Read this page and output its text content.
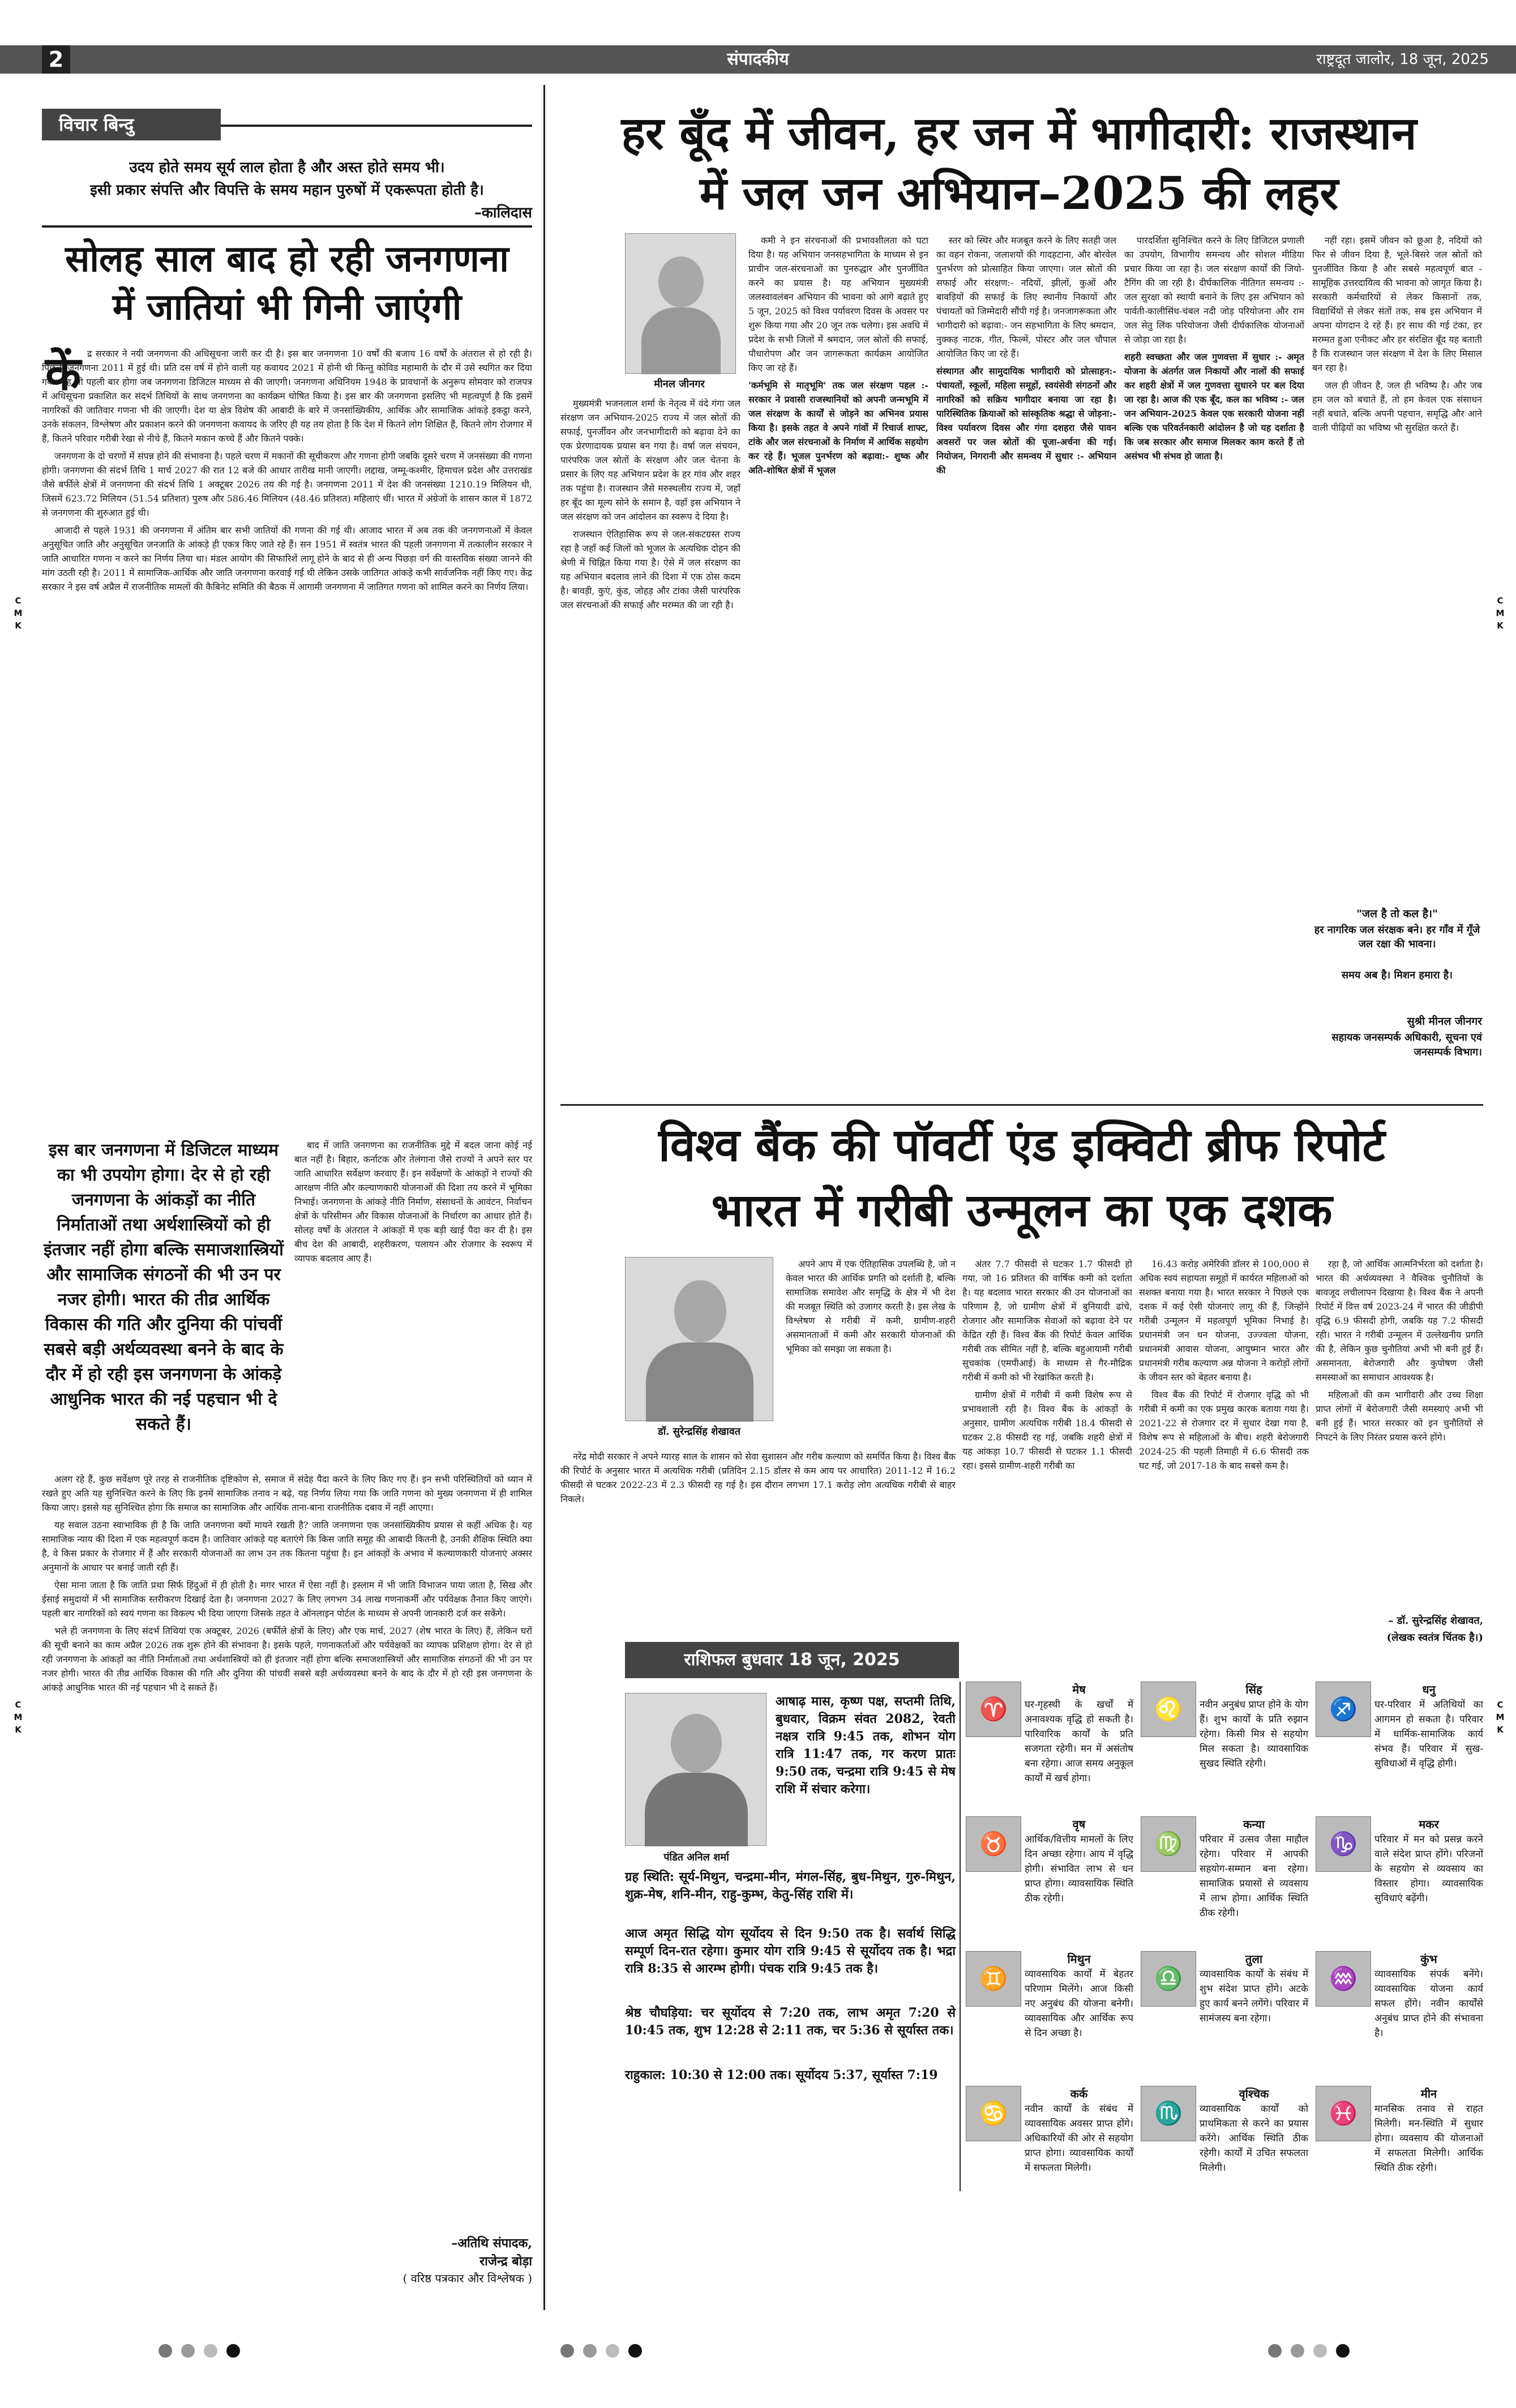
2	संपादकीय	राष्ट्रदूत जालोर, 18 जून, 2025
विचार बिन्दु
उदय होते समय सूर्य लाल होता है और अस्त होते समय भी।
इसी प्रकार संपत्ति और विपत्ति के समय महान पुरुषों में एकरूपता होती है।
–कालिदास
सोलह साल बाद हो रही जनगणना
में जातियां भी गिनी जाएंगी
कें द्र सरकार ने नयी जनगणना की अधिसूचना जारी कर दी है। इस बार जनगणना 10 वर्षों की बजाय 16 वर्षों के अंतराल से हो रही है। पिछली जनगणना 2011 में हुई थी। प्रति दस वर्ष में होने वाली यह कवायद 2021 में होनी थी किन्तु कोविड महामारी के दौर में उसे स्थगित कर दिया गया। यह भी पहली बार होगा जब जनगणना डिजिटल माध्यम से की जाएगी। जनगणना अधिनियम 1948 के प्रावधानों के अनुरूप सोमवार को राजपत्र में अधिसूचना प्रकाशित कर संदर्भ तिथियों के साथ जनगणना का कार्यक्रम घोषित किया है। इस बार की जनगणना इसलिए भी महत्वपूर्ण है कि इसमें नागरिकों की जातिवार गणना भी की जाएगी। देश या क्षेत्र विशेष की आबादी के बारे में जनसांख्यिकीय, आर्थिक और सामाजिक आंकड़े इकट्ठा करने, उनके संकलन, विश्लेषण और प्रकाशन करने की जनगणना कवायद के जरिए ही यह तय होता है कि देश में कितने लोग शिक्षित हैं, कितने लोग रोजगार में हैं, कितने परिवार गरीबी रेखा से नीचे हैं, कितने मकान कच्चे हैं और कितने पक्के।

जनगणना के दो चरणों में संपन्न होने की संभावना है। पहले चरण में मकानों की सूचीकरण और गणना होगी जबकि दूसरे चरण में जनसंख्या की गणना होगी। जनगणना की संदर्भ तिथि 1 मार्च 2027 की रात 12 बजे की आधार तारीख मानी जाएगी। लद्दाख, जम्मू-कश्मीर, हिमाचल प्रदेश और उत्तराखंड जैसे बर्फीले क्षेत्रों में जनगणना की संदर्भ तिथि 1 अक्टूबर 2026 तय की गई है। जनगणना 2011 में देश की जनसंख्या 1210.19 मिलियन थी, जिसमें 623.72 मिलियन (51.54 प्रतिशत) पुरुष और 586.46 मिलियन (48.46 प्रतिशत) महिलाएं थीं। भारत में अंग्रेजों के शासन काल में 1872 से जनगणना की शुरुआत हुई थी।

आजादी से पहले 1931 की जनगणना में अंतिम बार सभी जातियों की गणना की गई थी। आजाद भारत में अब तक की जनगणनाओं में केवल अनुसूचित जाति और अनुसूचित जनजाति के आंकड़े ही एकत्र किए जाते रहे हैं। सन 1951 में स्वतंत्र भारत की पहली जनगणना में तत्कालीन सरकार ने जाति आधारित गणना न करने का निर्णय लिया था। मंडल आयोग की सिफारिशें लागू होने के बाद से ही अन्य पिछड़ा वर्ग की वास्तविक संख्या जानने की मांग उठती रही है। 2011 में सामाजिक-आर्थिक और जाति जनगणना करवाई गई थी लेकिन उसके जातिगत आंकड़े कभी सार्वजनिक नहीं किए गए। केंद्र सरकार ने इस वर्ष अप्रैल में राजनीतिक मामलों की कैबिनेट समिति की बैठक में आगामी जनगणना में जातिगत गणना को शामिल करने का निर्णय लिया।

इस बार जनगणना में डिजिटल माध्यम का भी उपयोग होगा। देर से हो रही जनगणना के आंकड़ों का नीति निर्माताओं तथा अर्थशास्त्रियों को ही इंतजार नहीं होगा बल्कि समाजशास्त्रियों और सामाजिक संगठनों की भी उन पर नजर होगी। भारत की तीव्र आर्थिक विकास की गति और दुनिया की पांचवीं सबसे बड़ी अर्थव्यवस्था बनने के बाद के दौर में हो रही इस जनगणना के आंकड़े आधुनिक भारत की नई पहचान भी दे सकते हैं।

बाद में जाति जनगणना का राजनीतिक मुद्दे में बदल जाना कोई नई बात नहीं है। बिहार, कर्नाटक और तेलंगाना जैसे राज्यों ने अपने स्तर पर जाति आधारित सर्वेक्षण करवाए हैं। इन सर्वेक्षणों के आंकड़ों ने राज्यों की आरक्षण नीति और कल्याणकारी योजनाओं की दिशा तय करने में भूमिका निभाई। जनगणना के आंकड़े नीति निर्माण, संसाधनों के आवंटन, निर्वाचन क्षेत्रों के परिसीमन और विकास योजनाओं के निर्धारण का आधार होते हैं। सोलह वर्षों के अंतराल ने आंकड़ों में एक बड़ी खाई पैदा कर दी है। इस बीच देश की आबादी, शहरीकरण, पलायन और रोजगार के स्वरूप में व्यापक बदलाव आए हैं।

अलग रहे हैं, कुछ सर्वेक्षण पूरे तरह से राजनीतिक दृष्टिकोण से, समाज में संदेह पैदा करने के लिए किए गए हैं। इन सभी परिस्थितियों को ध्यान में रखते हुए अति यह सुनिश्चित करने के लिए कि इनमें सामाजिक तनाव न बढ़े, यह निर्णय लिया गया कि जाति गणना को मुख्य जनगणना में ही शामिल किया जाए। इससे यह सुनिश्चित होगा कि समाज का सामाजिक और आर्थिक ताना-बाना राजनीतिक दबाव में नहीं आएगा।

यह सवाल उठना स्वाभाविक ही है कि जाति जनगणना क्यों मायने रखती है? जाति जनगणना एक जनसांख्यिकीय प्रयास से कहीं अधिक है। यह सामाजिक न्याय की दिशा में एक महत्वपूर्ण कदम है। जातिवार आंकड़े यह बताएंगे कि किस जाति समूह की आबादी कितनी है, उनकी शैक्षिक स्थिति क्या है, वे किस प्रकार के रोजगार में हैं और सरकारी योजनाओं का लाभ उन तक कितना पहुंचा है। इन आंकड़ों के अभाव में कल्याणकारी योजनाएं अक्सर अनुमानों के आधार पर बनाई जाती रही हैं।

ऐसा माना जाता है कि जाति प्रथा सिर्फ हिंदुओं में ही होती है। मगर भारत में ऐसा नहीं है। इस्लाम में भी जाति विभाजन पाया जाता है, सिख और ईसाई समुदायों में भी सामाजिक स्तरीकरण दिखाई देता है। जनगणना 2027 के लिए लगभग 34 लाख गणनाकर्मी और पर्यवेक्षक तैनात किए जाएंगे। पहली बार नागरिकों को स्वयं गणना का विकल्प भी दिया जाएगा जिसके तहत वे ऑनलाइन पोर्टल के माध्यम से अपनी जानकारी दर्ज कर सकेंगे।

भले ही जनगणना के लिए संदर्भ तिथियां एक अक्टूबर, 2026 (बर्फीले क्षेत्रों के लिए) और एक मार्च, 2027 (शेष भारत के लिए) हैं, लेकिन घरों की सूची बनाने का काम अप्रैल 2026 तक शुरू होने की संभावना है। इसके पहले, गणनाकर्ताओं और पर्यवेक्षकों का व्यापक प्रशिक्षण होगा। देर से हो रही जनगणना के आंकड़ों का नीति निर्माताओं तथा अर्थशास्त्रियों को ही इंतजार नहीं होगा बल्कि समाजशास्त्रियों और सामाजिक संगठनों की भी उन पर नजर होगी। भारत की तीव्र आर्थिक विकास की गति और दुनिया की पांचवीं सबसे बड़ी अर्थव्यवस्था बनने के बाद के दौर में हो रही इस जनगणना के आंकड़े आधुनिक भारत की नई पहचान भी दे सकते हैं।

–अतिथि संपादक,
राजेन्द्र बोड़ा
( वरिष्ठ पत्रकार और विश्लेषक )
हर बूँद में जीवन, हर जन में भागीदारी: राजस्थान
में जल जन अभियान–2025 की लहर
मीनल जीनगर

मुख्यमंत्री भजनलाल शर्मा के नेतृत्व में वंदे गंगा जल संरक्षण जन अभियान-2025 राज्य में जल स्रोतों की सफाई, पुनर्जीवन और जनभागीदारी को बढ़ावा देने का एक प्रेरणादायक प्रयास बन गया है। वर्षा जल संचयन, पारंपरिक जल स्रोतों के संरक्षण और जल चेतना के प्रसार के लिए यह अभियान प्रदेश के हर गांव और शहर तक पहुंचा है। राजस्थान जैसे मरुस्थलीय राज्य में, जहाँ हर बूँद का मूल्य सोने के समान है, वहाँ इस अभियान ने जल संरक्षण को जन आंदोलन का स्वरूप दे दिया है।

राजस्थान ऐतिहासिक रूप से जल-संकटग्रस्त राज्य रहा है जहाँ कई जिलों को भूजल के अत्यधिक दोहन की श्रेणी में चिह्नित किया गया है। ऐसे में जल संरक्षण का यह अभियान बदलाव लाने की दिशा में एक ठोस कदम है। बावड़ी, कुएं, कुंड, जोहड़ और टांका जैसी पारंपरिक जल संरचनाओं की सफाई और मरम्मत की जा रही है।

कमी ने इन संरचनाओं की प्रभावशीलता को घटा दिया है। यह अभियान जनसहभागिता के माध्यम से इन प्राचीन जल-संरचनाओं का पुनरुद्धार और पुनर्जीवित करने का प्रयास है। यह अभियान मुख्यमंत्री जलस्वावलंबन अभियान की भावना को आगे बढ़ाते हुए 5 जून, 2025 को विश्व पर्यावरण दिवस के अवसर पर शुरू किया गया और 20 जून तक चलेगा। इस अवधि में प्रदेश के सभी जिलों में श्रमदान, जल स्रोतों की सफाई, पौधारोपण और जन जागरूकता कार्यक्रम आयोजित किए जा रहे हैं।

'कर्मभूमि से मातृभूमि' तक जल संरक्षण पहल :- सरकार ने प्रवासी राजस्थानियों को अपनी जन्मभूमि में जल संरक्षण के कार्यों से जोड़ने का अभिनव प्रयास किया है। इसके तहत वे अपने गांवों में रिचार्ज शाफ्ट, टांके और जल संरचनाओं के निर्माण में आर्थिक सहयोग कर रहे हैं। भूजल पुनर्भरण को बढ़ावा:- शुष्क और अति-शोषित क्षेत्रों में भूजल

स्तर को स्थिर और मजबूत करने के लिए सतही जल का वहन रोकना, जलाशयों की गादहटाना, और बोरवेल पुनर्भरण को प्रोत्साहित किया जाएगा। जल स्रोतों की सफाई और संरक्षण:- नदियों, झीलों, कुओं और बावड़ियों की सफाई के लिए स्थानीय निकायों और पंचायतों को जिम्मेदारी सौंपी गई है। जनजागरूकता और भागीदारी को बढ़ावा:- जन सहभागिता के लिए श्रमदान, नुक्कड़ नाटक, गीत, फिल्में, पोस्टर और जल चौपाल आयोजित किए जा रहे हैं।

संस्थागत और सामुदायिक भागीदारी को प्रोत्साहन:- पंचायतों, स्कूलों, महिला समूहों, स्वयंसेवी संगठनों और नागरिकों को सक्रिय भागीदार बनाया जा रहा है। पारिस्थितिक क्रियाओं को सांस्कृतिक श्रद्धा से जोड़ना:- विश्व पर्यावरण दिवस और गंगा दशहरा जैसे पावन अवसरों पर जल स्रोतों की पूजा-अर्चना की गई। नियोजन, निगरानी और समन्वय में सुधार :- अभियान की

पारदर्शिता सुनिश्चित करने के लिए डिजिटल प्रणाली का उपयोग, विभागीय समन्वय और सोशल मीडिया प्रचार किया जा रहा है। जल संरक्षण कार्यों की जियो-टैगिंग की जा रही है। दीर्घकालिक नीतिगत समन्वय :- जल सुरक्षा को स्थायी बनाने के लिए इस अभियान को पार्वती-कालीसिंध-चंबल नदी जोड़ परियोजना और राम जल सेतु लिंक परियोजना जैसी दीर्घकालिक योजनाओं से जोड़ा जा रहा है।

शहरी स्वच्छता और जल गुणवत्ता में सुधार :- अमृत योजना के अंतर्गत जल निकायों और नालों की सफाई कर शहरी क्षेत्रों में जल गुणवत्ता सुधारने पर बल दिया जा रहा है। आज की एक बूँद, कल का भविष्य :- जल जन अभियान-2025 केवल एक सरकारी योजना नहीं बल्कि एक परिवर्तनकारी आंदोलन है जो यह दर्शाता है कि जब सरकार और समाज मिलकर काम करते हैं तो असंभव भी संभव हो जाता है।

नहीं रहा। इसमें जीवन को छूआ है, नदियों को फिर से जीवन दिया है, भूले-बिसरे जल स्रोतों को पुनर्जीवित किया है और सबसे महत्वपूर्ण बात - सामूहिक उत्तरदायित्व की भावना को जागृत किया है। सरकारी कर्मचारियों से लेकर किसानों तक, विद्यार्थियों से लेकर संतों तक, सब इस अभियान में अपना योगदान दे रहे हैं। हर साथ की गई टंका, हर मरम्मत हुआ एनीकट और हर संरक्षित बूँद यह बताती है कि राजस्थान जल संरक्षण में देश के लिए मिसाल बन रहा है।

जल ही जीवन है, जल ही भविष्य है। और जब हम जल को बचाते हैं, तो हम केवल एक संसाधन नहीं बचाते, बल्कि अपनी पहचान, समृद्धि और आने वाली पीढ़ियों का भविष्य भी सुरक्षित करते हैं।

"जल है तो कल है।"
हर नागरिक जल संरक्षक बने। हर गाँव में गूँजे जल रक्षा की भावना।
समय अब है। मिशन हमारा है।
सुश्री मीनल जीनगर
सहायक जनसम्पर्क अधिकारी, सूचना एवं जनसम्पर्क विभाग।
विश्व बैंक की पॉवर्टी एंड इक्विटी ब्रीफ रिपोर्ट
भारत में गरीबी उन्मूलन का एक दशक
डॉ. सुरेन्द्रसिंह शेखावत

अपने आप में एक ऐतिहासिक उपलब्धि है, जो न केवल भारत की आर्थिक प्रगति को दर्शाती है, बल्कि सामाजिक समावेश और समृद्धि के क्षेत्र में भी देश की मजबूत स्थिति को उजागर करती है। इस लेख के विश्लेषण से गरीबी में कमी, ग्रामीण-शहरी असमानताओं में कमी और सरकारी योजनाओं की भूमिका को समझा जा सकता है।

नरेंद्र मोदी सरकार ने अपने ग्यारह साल के शासन को सेवा सुशासन और गरीब कल्याण को समर्पित किया है। विश्व बैंक की रिपोर्ट के अनुसार भारत में अत्यधिक गरीबी (प्रतिदिन 2.15 डॉलर से कम आय पर आधारित) 2011-12 में 16.2 फीसदी से घटकर 2022-23 में 2.3 फीसदी रह गई है। इस दौरान लगभग 17.1 करोड़ लोग अत्यधिक गरीबी से बाहर निकले।

अंतर 7.7 फीसदी से घटकर 1.7 फीसदी हो गया, जो 16 प्रतिशत की वार्षिक कमी को दर्शाता है। यह बदलाव भारत सरकार की उन योजनाओं का परिणाम है, जो ग्रामीण क्षेत्रों में बुनियादी ढांचे, रोजगार और सामाजिक सेवाओं को बढ़ावा देने पर केंद्रित रही हैं। विश्व बैंक की रिपोर्ट केवल आर्थिक गरीबी तक सीमित नहीं है, बल्कि बहुआयामी गरीबी सूचकांक (एमपीआई) के माध्यम से गैर-मौद्रिक गरीबी में कमी को भी रेखांकित करती है।

ग्रामीण क्षेत्रों में गरीबी में कमी विशेष रूप से प्रभावशाली रही है। विश्व बैंक के आंकड़ों के अनुसार, ग्रामीण अत्यधिक गरीबी 18.4 फीसदी से घटकर 2.8 फीसदी रह गई, जबकि शहरी क्षेत्रों में यह आंकड़ा 10.7 फीसदी से घटकर 1.1 फीसदी रहा। इससे ग्रामीण-शहरी गरीबी का

16.43 करोड़ अमेरिकी डॉलर से 100,000 से अधिक स्वयं सहायता समूहों में कार्यरत महिलाओं को सशक्त बनाया गया है। भारत सरकार ने पिछले एक दशक में कई ऐसी योजनाएं लागू की हैं, जिन्होंने गरीबी उन्मूलन में महत्वपूर्ण भूमिका निभाई है। प्रधानमंत्री जन धन योजना, उज्ज्वला योजना, प्रधानमंत्री आवास योजना, आयुष्मान भारत और प्रधानमंत्री गरीब कल्याण अन्न योजना ने करोड़ों लोगों के जीवन स्तर को बेहतर बनाया है।

विश्व बैंक की रिपोर्ट में रोजगार वृद्धि को भी गरीबी में कमी का एक प्रमुख कारक बताया गया है। 2021-22 से रोजगार दर में सुधार देखा गया है, विशेष रूप से महिलाओं के बीच। शहरी बेरोजगारी 2024-25 की पहली तिमाही में 6.6 फीसदी तक घट गई, जो 2017-18 के बाद सबसे कम है।

रहा है, जो आर्थिक आत्मनिर्भरता को दर्शाता है। भारत की अर्थव्यवस्था ने वैश्विक चुनौतियों के बावजूद लचीलापन दिखाया है। विश्व बैंक ने अपनी रिपोर्ट में वित्त वर्ष 2023-24 में भारत की जीडीपी वृद्धि 6.9 फीसदी होगी, जबकि यह 7.2 फीसदी रही। भारत ने गरीबी उन्मूलन में उल्लेखनीय प्रगति की है, लेकिन कुछ चुनौतियां अभी भी बनी हुई हैं। असमानता, बेरोजगारी और कुपोषण जैसी समस्याओं का समाधान आवश्यक है।

महिलाओं की कम भागीदारी और उच्च शिक्षा प्राप्त लोगों में बेरोजगारी जैसी समस्याएं अभी भी बनी हुई हैं। भारत सरकार को इन चुनौतियों से निपटने के लिए निरंतर प्रयास करने होंगे।

– डॉ. सुरेन्द्रसिंह शेखावत,
(लेखक स्वतंत्र चिंतक है।)
राशिफल बुधवार 18 जून, 2025
पंडित अनिल शर्मा
आषाढ़ मास, कृष्ण पक्ष, सप्तमी तिथि, बुधवार, विक्रम संवत 2082, रेवती नक्षत्र रात्रि 9:45 तक, शोभन योग रात्रि 11:47 तक, गर करण प्रातः 9:50 तक, चन्द्रमा रात्रि 9:45 से मेष राशि में संचार करेगा।
ग्रह स्थिति: सूर्य-मिथुन, चन्द्रमा-मीन, मंगल-सिंह, बुध-मिथुन, गुरु-मिथुन, शुक्र-मेष, शनि-मीन, राहु-कुम्भ, केतु-सिंह राशि में।
आज अमृत सिद्धि योग सूर्योदय से दिन 9:50 तक है। सर्वार्थ सिद्धि सम्पूर्ण दिन-रात रहेगा। कुमार योग रात्रि 9:45 से सूर्योदय तक है। भद्रा रात्रि 8:35 से आरम्भ होगी। पंचक रात्रि 9:45 तक है।
श्रेष्ठ चौघड़िया: चर सूर्योदय से 7:20 तक, लाभ अमृत 7:20 से 10:45 तक, शुभ 12:28 से 2:11 तक, चर 5:36 से सूर्यास्त तक।
राहुकाल: 10:30 से 12:00 तक। सूर्योदय 5:37, सूर्यास्त 7:19
♈
मेष
घर-गृहस्थी के खर्चों में अनावश्यक वृद्धि हो सकती है। पारिवारिक कार्यों के प्रति सजगता रहेगी। मन में असंतोष बना रहेगा। आज समय अनुकूल कार्यों में खर्च होगा।
♌
सिंह
नवीन अनुबंध प्राप्त होने के योग हैं। शुभ कार्यों के प्रति रुझान रहेगा। किसी मित्र से सहयोग मिल सकता है। व्यावसायिक सुखद स्थिति रहेगी।
♐
धनु
घर-परिवार में अतिथियों का आगमन हो सकता है। परिवार में धार्मिक-सामाजिक कार्य संभव हैं। परिवार में सुख-सुविधाओं में वृद्धि होगी।
♉
वृष
आर्थिक/वित्तीय मामलों के लिए दिन अच्छा रहेगा। आय में वृद्धि होगी। संभावित लाभ से धन प्राप्त होगा। व्यावसायिक स्थिति ठीक रहेगी।
♍
कन्या
परिवार में उत्सव जैसा माहौल रहेगा। परिवार में आपकी सहयोग-सम्मान बना रहेगा। सामाजिक प्रयासों से व्यवसाय में लाभ होगा। आर्थिक स्थिति ठीक रहेगी।
♑
मकर
परिवार में मन को प्रसन्न करने वाले संदेश प्राप्त होंगे। परिजनों के सहयोग से व्यवसाय का विस्तार होगा। व्यावसायिक सुविधाएं बढ़ेंगी।
♊
मिथुन
व्यावसायिक कार्यों में बेहतर परिणाम मिलेंगे। आज किसी नए अनुबंध की योजना बनेगी। व्यावसायिक और आर्थिक रूप से दिन अच्छा है।
♎
तुला
व्यावसायिक कार्यों के संबंध में शुभ संदेश प्राप्त होंगे। अटके हुए कार्य बनने लगेंगे। परिवार में सामंजस्य बना रहेगा।
♒
कुंभ
व्यावसायिक संपर्क बनेंगे। व्यावसायिक योजना कार्य सफल होंगे। नवीन कार्योंसे अनुबंध प्राप्त होने की संभावना है।
♋
कर्क
नवीन कार्यों के संबंध में व्यावसायिक अवसर प्राप्त होंगे। अधिकारियों की ओर से सहयोग प्राप्त होगा। व्यावसायिक कार्यों में सफलता मिलेगी।
♏
वृश्चिक
व्यावसायिक कार्यों को प्राथमिकता से करने का प्रयास करेंगे। आर्थिक स्थिति ठीक रहेगी। कार्यों में उचित सफलता मिलेगी।
♓
मीन
मानसिक तनाव से राहत मिलेगी। मन-स्थिति में सुधार होगा। व्यवसाय की योजनाओं में सफलता मिलेगी। आर्थिक स्थिति ठीक रहेगी।
C M K
C M K
C M K
C M K
